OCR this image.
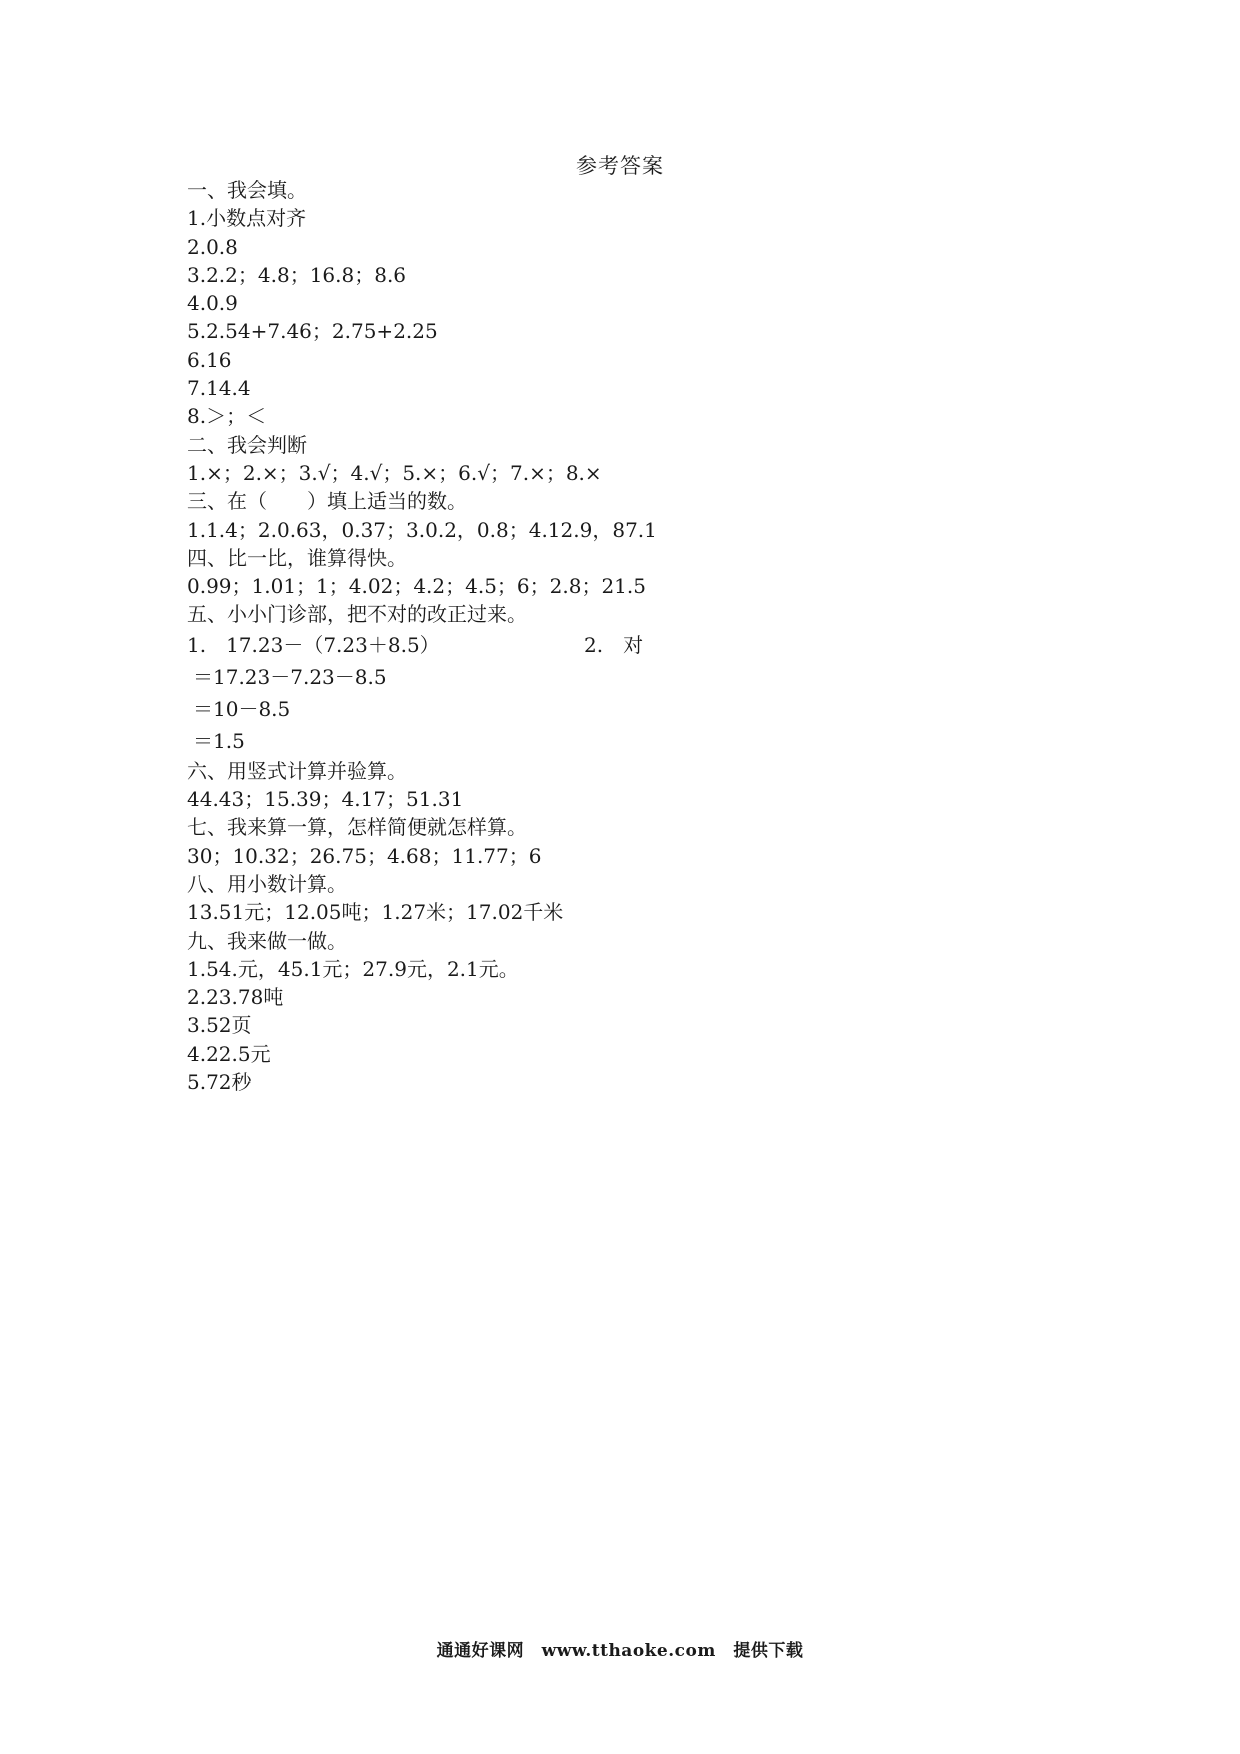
参考答案
一、我会填。
1.小数点对齐
2.0.8
3.2.2；4.8；16.8；8.6
4.0.9
5.2.54+7.46；2.75+2.25
6.16
7.14.4
8.＞；＜
二、我会判断
1.×；2.×；3.√；4.√；5.×；6.√；7.×；8.×
三、在（　　）填上适当的数。
1.1.4；2.0.63，0.37；3.0.2，0.8；4.12.9，87.1
四、比一比，谁算得快。
0.99；1.01；1；4.02；4.2；4.5；6；2.8；21.5
五、小小门诊部，把不对的改正过来。
1.　17.23－（7.23＋8.5）	2.　对
＝17.23－7.23－8.5
＝10－8.5
＝1.5
六、用竖式计算并验算。
44.43；15.39；4.17；51.31
七、我来算一算，怎样简便就怎样算。
30；10.32；26.75；4.68；11.77；6
八、用小数计算。
13.51元；12.05吨；1.27米；17.02千米
九、我来做一做。
1.54.元，45.1元；27.9元，2.1元。
2.23.78吨
3.52页
4.22.5元
5.72秒
通通好课网　www.tthaoke.com　提供下载
